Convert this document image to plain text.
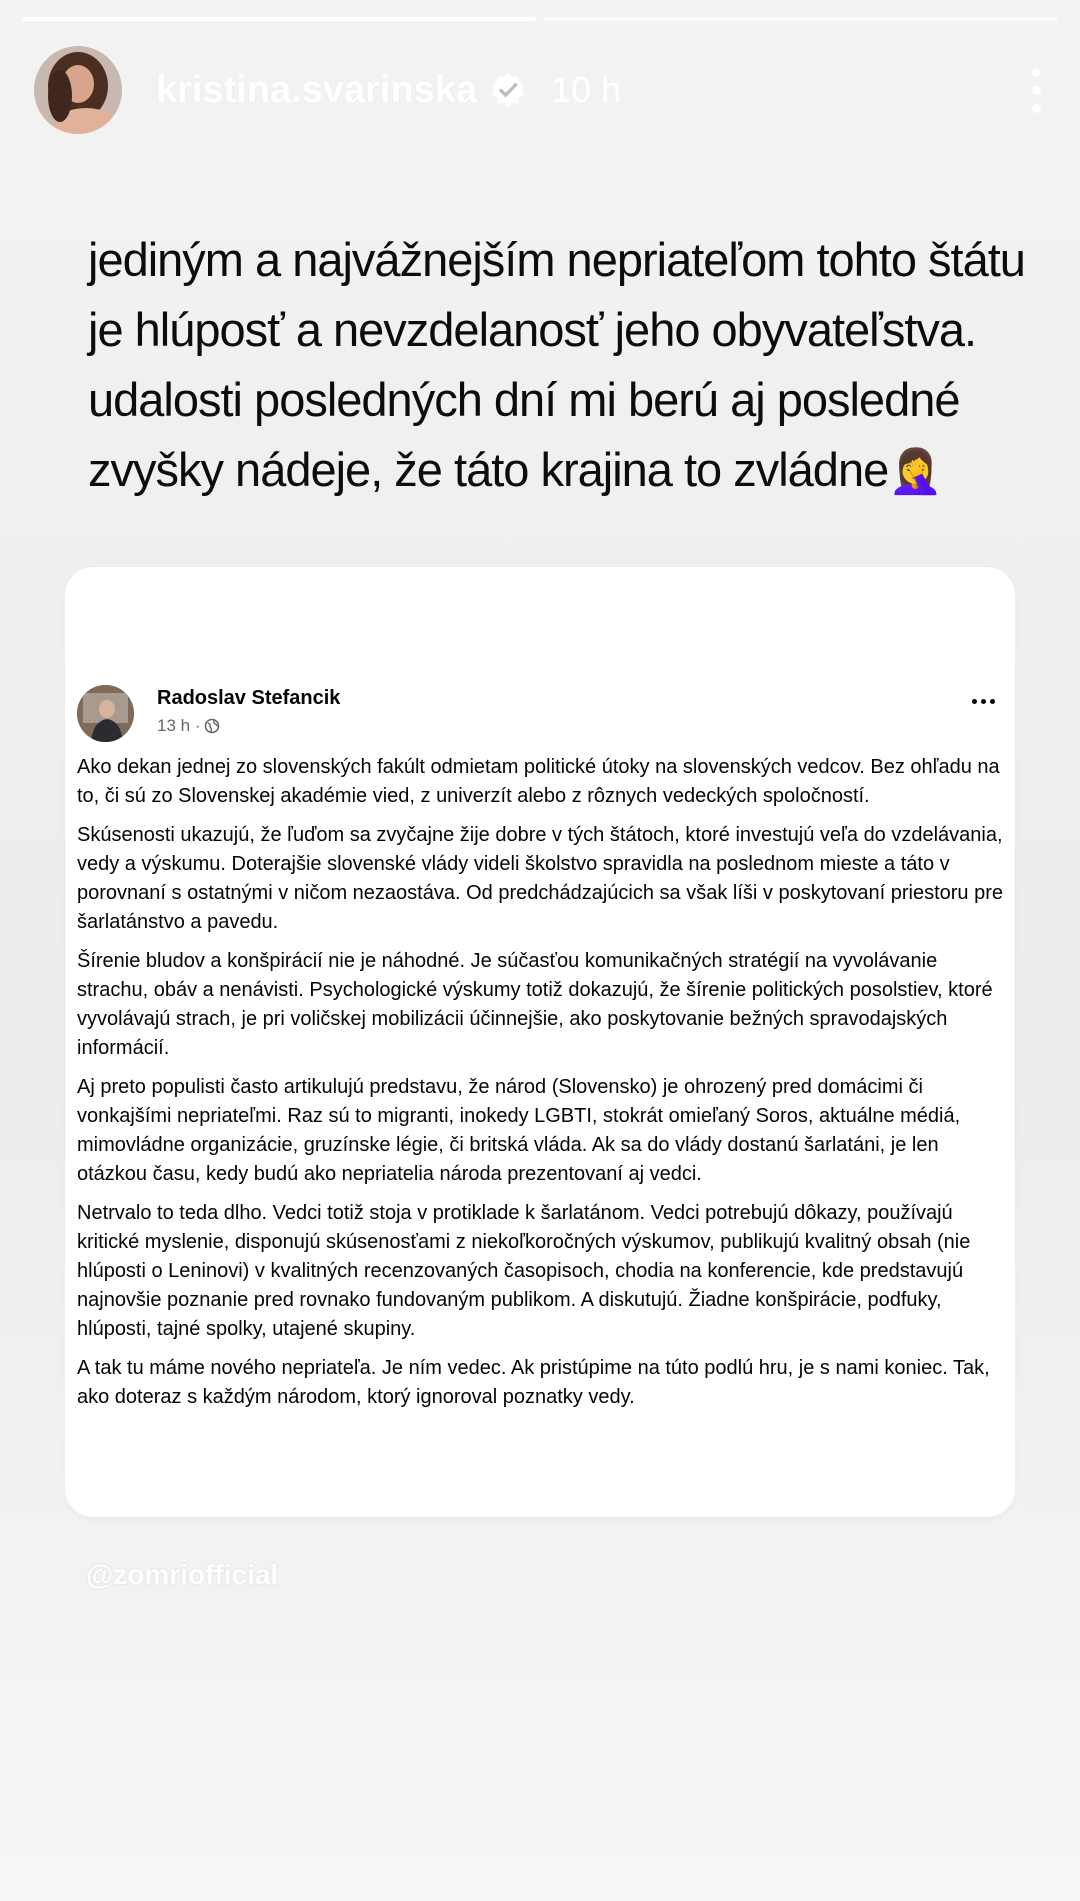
kristina.svarinska 10 h
jediným a najvážnejším nepriateľom tohto štátu
je hlúposť a nevzdelanosť jeho obyvateľstva.
udalosti posledných dní mi berú aj posledné
zvyšky nádeje, že táto krajina to zvládne🤦‍♀️
Radoslav Stefancik
13 h ·

Ako dekan jednej zo slovenských fakúlt odmietam politické útoky na slovenských vedcov. Bez ohľadu na to, či sú zo Slovenskej akadémie vied, z univerzít alebo z rôznych vedeckých spoločností.

Skúsenosti ukazujú, že ľuďom sa zvyčajne žije dobre v tých štátoch, ktoré investujú veľa do vzdelávania, vedy a výskumu. Doterajšie slovenské vlády videli školstvo spravidla na poslednom mieste a táto v porovnaní s ostatnými v ničom nezaostáva. Od predchádzajúcich sa však líši v poskytovaní priestoru pre šarlatánstvo a pavedu.

Šírenie bludov a konšpirácií nie je náhodné. Je súčasťou komunikačných stratégií na vyvolávanie strachu, obáv a nenávisti. Psychologické výskumy totiž dokazujú, že šírenie politických posolstiev, ktoré vyvolávajú strach, je pri voličskej mobilizácii účinnejšie, ako poskytovanie bežných spravodajských informácií.

Aj preto populisti často artikulujú predstavu, že národ (Slovensko) je ohrozený pred domácimi či vonkajšími nepriateľmi. Raz sú to migranti, inokedy LGBTI, stokrát omieľaný Soros, aktuálne médiá, mimovládne organizácie, gruzínske légie, či britská vláda. Ak sa do vlády dostanú šarlatáni, je len otázkou času, kedy budú ako nepriatelia národa prezentovaní aj vedci.

Netrvalo to teda dlho. Vedci totiž stoja v protiklade k šarlatánom. Vedci potrebujú dôkazy, používajú kritické myslenie, disponujú skúsenosťami z niekoľkoročných výskumov, publikujú kvalitný obsah (nie hlúposti o Leninovi) v kvalitných recenzovaných časopisoch, chodia na konferencie, kde predstavujú najnovšie poznanie pred rovnako fundovaným publikom. A diskutujú. Žiadne konšpirácie, podfuky, hlúposti, tajné spolky, utajené skupiny.

A tak tu máme nového nepriateľa. Je ním vedec. Ak pristúpime na túto podlú hru, je s nami koniec. Tak, ako doteraz s každým národom, ktorý ignoroval poznatky vedy.

@zomriofficial
